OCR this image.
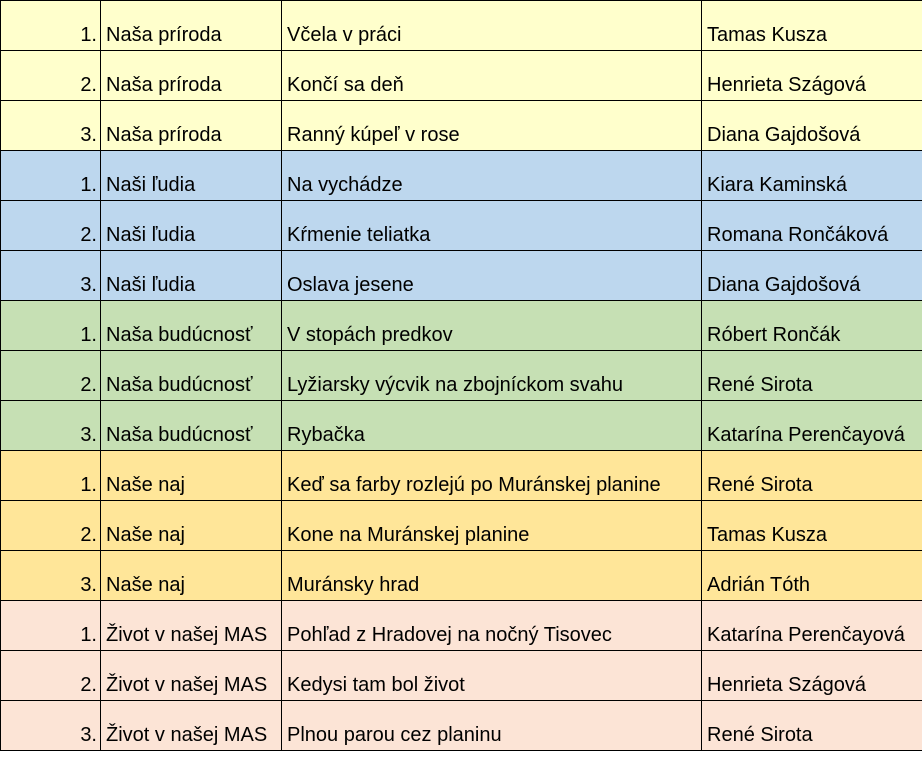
1.	Naša príroda	Včela v práci	Tamas Kusza
2.	Naša príroda	Končí sa deň	Henrieta Szágová
3.	Naša príroda	Ranný kúpeľ v rose	Diana Gajdošová
1.	Naši ľudia	Na vychádze	Kiara Kaminská
2.	Naši ľudia	Kŕmenie teliatka	Romana Rončáková
3.	Naši ľudia	Oslava jesene	Diana Gajdošová
1.	Naša budúcnosť	V stopách predkov	Róbert Rončák
2.	Naša budúcnosť	Lyžiarsky výcvik na zbojníckom svahu	René Sirota
3.	Naša budúcnosť	Rybačka	Katarína Perenčayová
1.	Naše naj	Keď sa farby rozlejú po Muránskej planine	René Sirota
2.	Naše naj	Kone na Muránskej planine	Tamas Kusza
3.	Naše naj	Muránsky hrad	Adrián Tóth
1.	Život v našej MAS	Pohľad z Hradovej na nočný Tisovec	Katarína Perenčayová
2.	Život v našej MAS	Kedysi tam bol život	Henrieta Szágová
3.	Život v našej MAS	Plnou parou cez planinu	René Sirota
